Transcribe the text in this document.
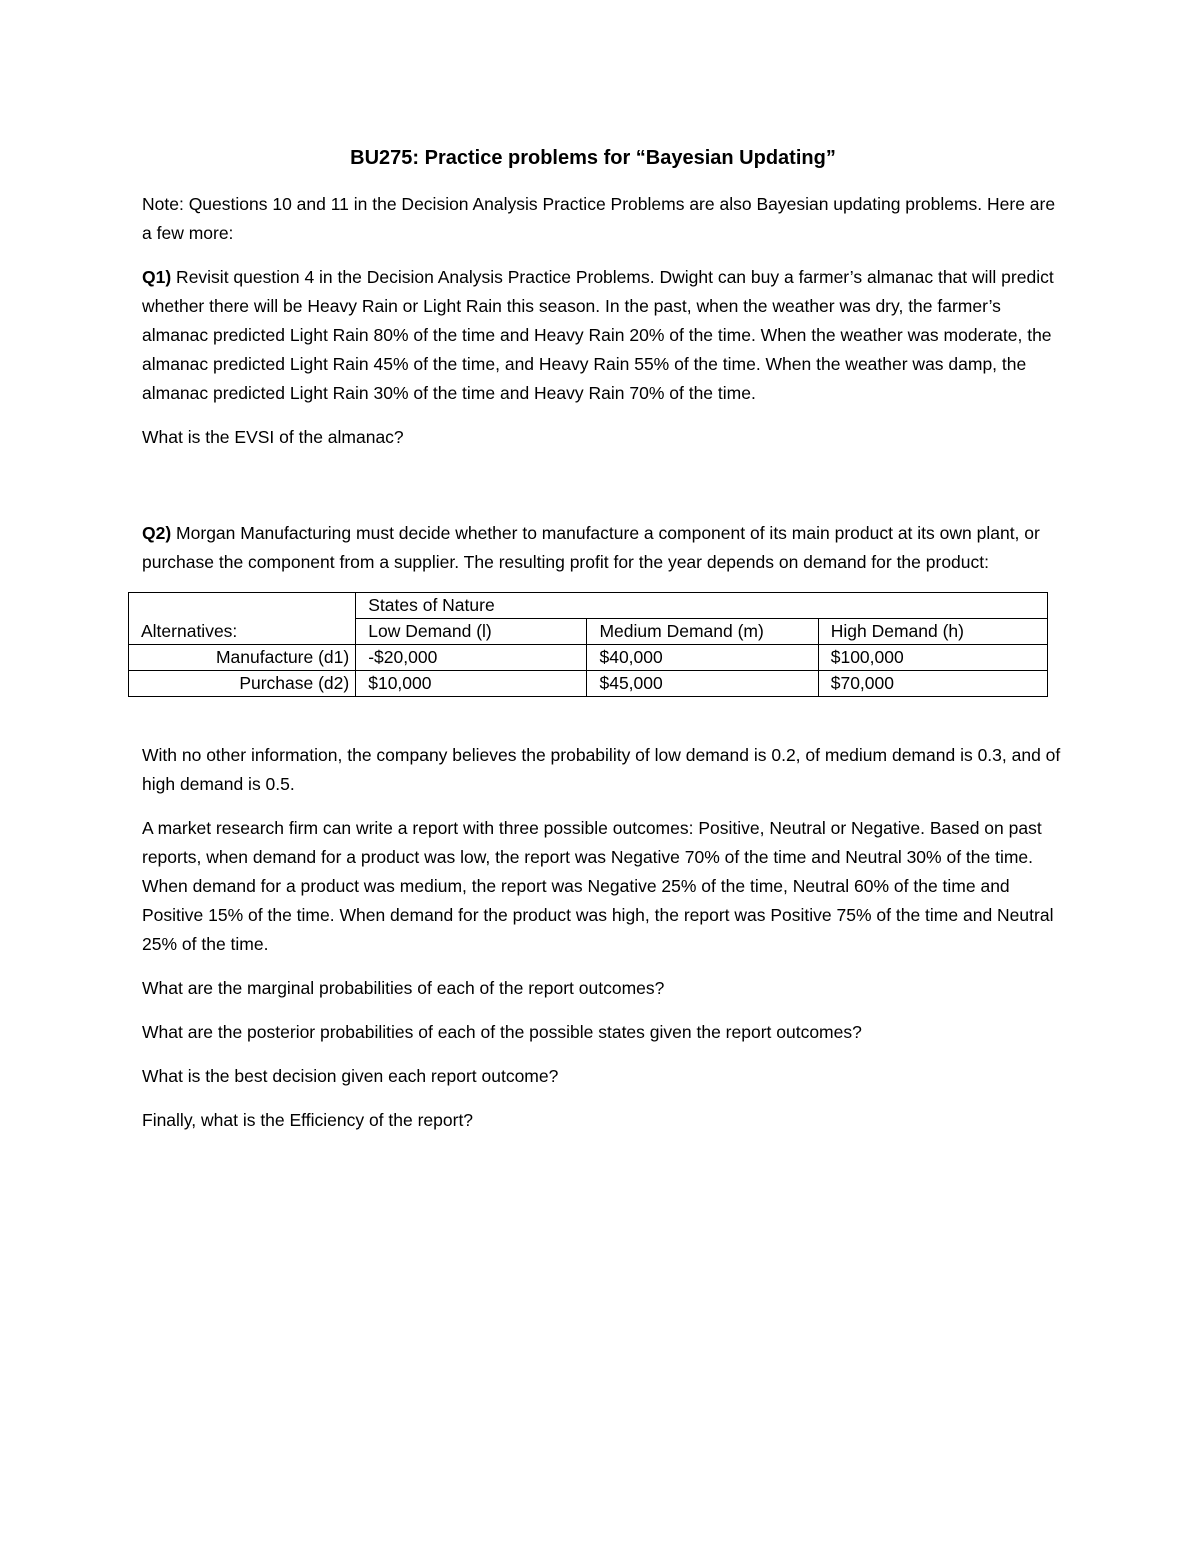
BU275: Practice problems for “Bayesian Updating”

Note: Questions 10 and 11 in the Decision Analysis Practice Problems are also Bayesian updating problems. Here are a few more:

Q1) Revisit question 4 in the Decision Analysis Practice Problems. Dwight can buy a farmer’s almanac that will predict whether there will be Heavy Rain or Light Rain this season. In the past, when the weather was dry, the farmer’s almanac predicted Light Rain 80% of the time and Heavy Rain 20% of the time. When the weather was moderate, the almanac predicted Light Rain 45% of the time, and Heavy Rain 55% of the time. When the weather was damp, the almanac predicted Light Rain 30% of the time and Heavy Rain 70% of the time.

What is the EVSI of the almanac?

Q2) Morgan Manufacturing must decide whether to manufacture a component of its main product at its own plant, or purchase the component from a supplier. The resulting profit for the year depends on demand for the product:

	States of Nature		
Alternatives:	Low Demand (l)	Medium Demand (m)	High Demand (h)
Manufacture (d1)	-$20,000	$40,000	$100,000
Purchase (d2)	$10,000	$45,000	$70,000

With no other information, the company believes the probability of low demand is 0.2, of medium demand is 0.3, and of high demand is 0.5.

A market research firm can write a report with three possible outcomes: Positive, Neutral or Negative. Based on past reports, when demand for a product was low, the report was Negative 70% of the time and Neutral 30% of the time. When demand for a product was medium, the report was Negative 25% of the time, Neutral 60% of the time and Positive 15% of the time. When demand for the product was high, the report was Positive 75% of the time and Neutral 25% of the time.

What are the marginal probabilities of each of the report outcomes?

What are the posterior probabilities of each of the possible states given the report outcomes?

What is the best decision given each report outcome?

Finally, what is the Efficiency of the report?
